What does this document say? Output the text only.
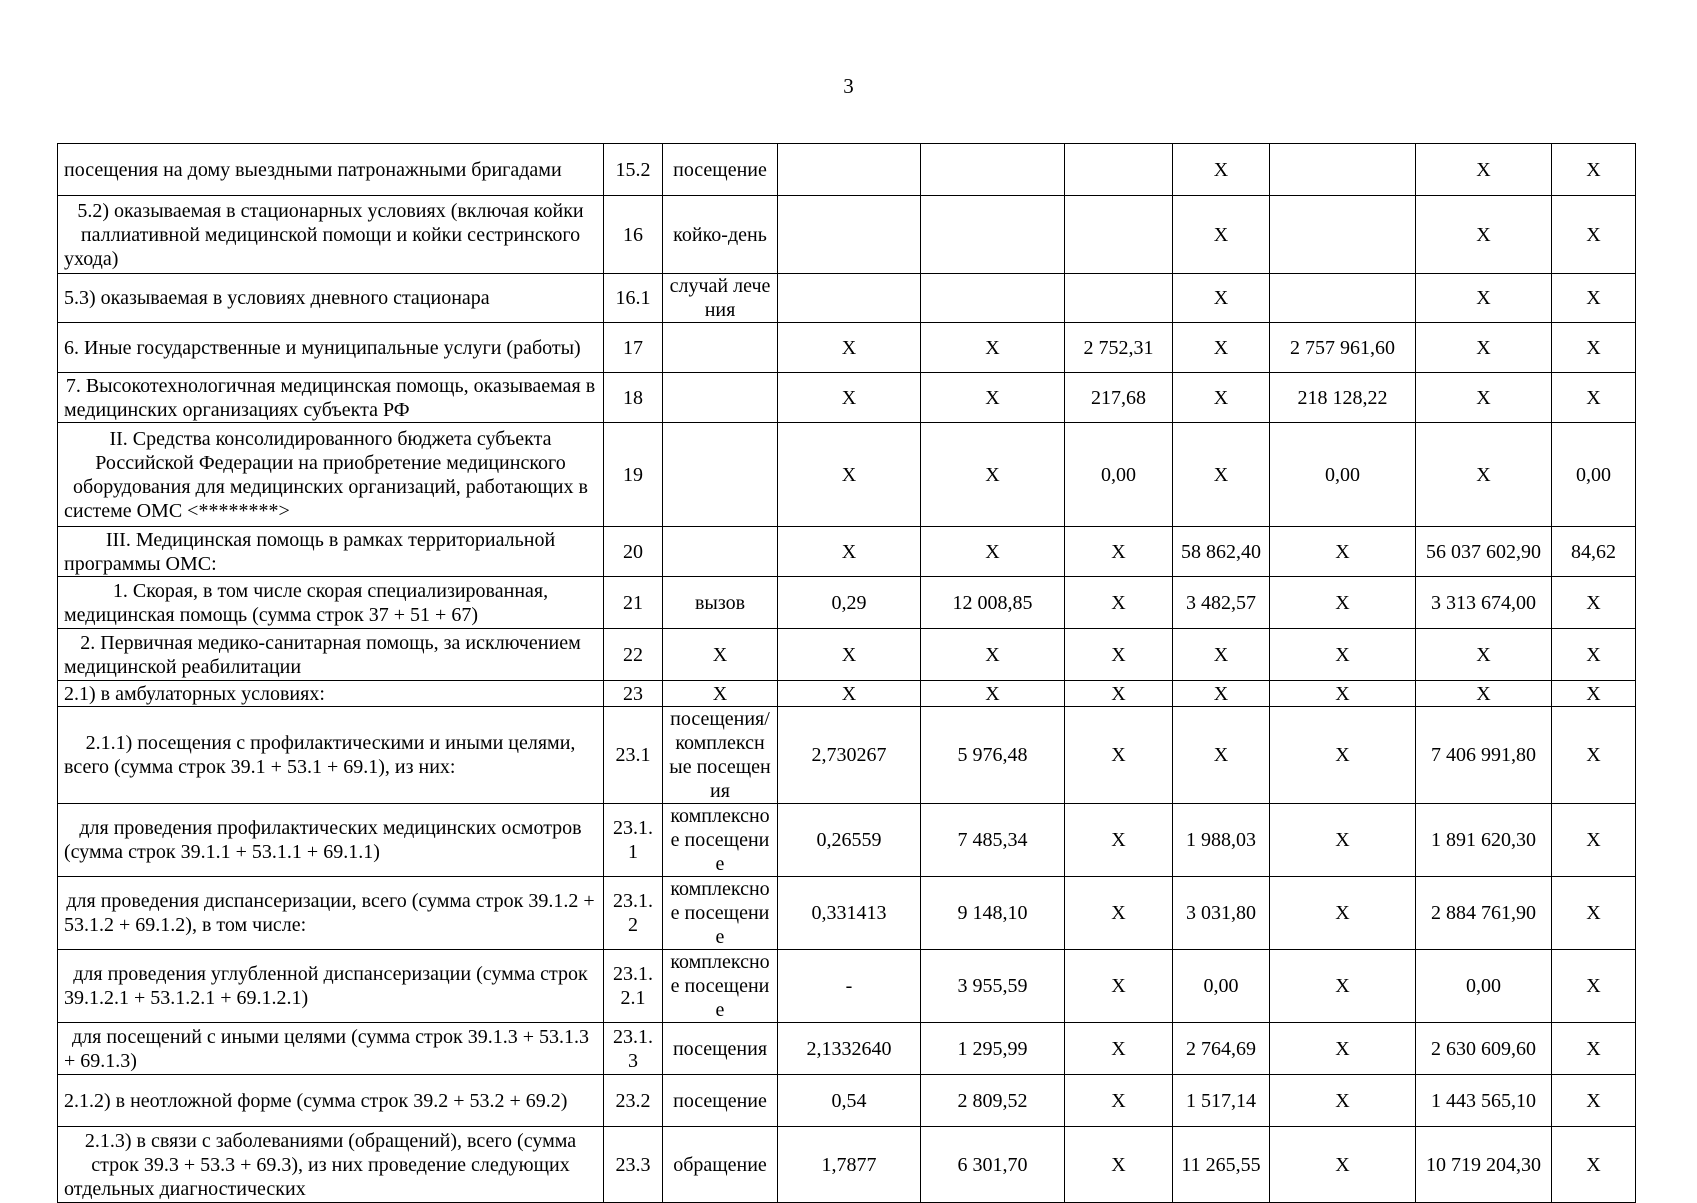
3
посещения на дому выездными патронажными бригадами	15.2	посещение				Х		Х	Х
5.2) оказываемая в стационарных условиях (включая койки паллиативной медицинской помощи и койки сестринского ухода)	16	койко-день				Х		Х	Х
5.3) оказываемая в условиях дневного стационара	16.1	случай лечения				Х		Х	Х
6. Иные государственные и муниципальные услуги (работы)	17		Х	Х	2 752,31	Х	2 757 961,60	Х	Х
7. Высокотехнологичная медицинская помощь, оказываемая в медицинских организациях субъекта РФ	18		Х	Х	217,68	Х	218 128,22	Х	Х
II. Средства консолидированного бюджета субъекта Российской Федерации на приобретение медицинского оборудования для медицинских организаций, работающих в системе ОМС <********>	19		Х	Х	0,00	Х	0,00	Х	0,00
III. Медицинская помощь в рамках территориальной программы ОМС:	20		Х	Х	Х	58 862,40	Х	56 037 602,90	84,62
1. Скорая, в том числе скорая специализированная, медицинская помощь (сумма строк 37 + 51 + 67)	21	вызов	0,29	12 008,85	Х	3 482,57	Х	3 313 674,00	Х
2. Первичная медико-санитарная помощь, за исключением медицинской реабилитации	22	Х	Х	Х	Х	Х	Х	Х	Х
2.1) в амбулаторных условиях:	23	Х	Х	Х	Х	Х	Х	Х	Х
2.1.1) посещения с профилактическими и иными целями, всего (сумма строк 39.1 + 53.1 + 69.1), из них:	23.1	посещения/комплексные посещения	2,730267	5 976,48	Х	Х	Х	7 406 991,80	Х
для проведения профилактических медицинских осмотров (сумма строк 39.1.1 + 53.1.1 + 69.1.1)	23.1.1	комплексное посещение	0,26559	7 485,34	Х	1 988,03	Х	1 891 620,30	Х
для проведения диспансеризации, всего (сумма строк 39.1.2 + 53.1.2 + 69.1.2), в том числе:	23.1.2	комплексное посещение	0,331413	9 148,10	Х	3 031,80	Х	2 884 761,90	Х
для проведения углубленной диспансеризации (сумма строк 39.1.2.1 + 53.1.2.1 + 69.1.2.1)	23.1.2.1	комплексное посещение	-	3 955,59	Х	0,00	Х	0,00	Х
для посещений с иными целями (сумма строк 39.1.3 + 53.1.3 + 69.1.3)	23.1.3	посещения	2,1332640	1 295,99	Х	2 764,69	Х	2 630 609,60	Х
2.1.2) в неотложной форме (сумма строк 39.2 + 53.2 + 69.2)	23.2	посещение	0,54	2 809,52	Х	1 517,14	Х	1 443 565,10	Х
2.1.3) в связи с заболеваниями (обращений), всего (сумма строк 39.3 + 53.3 + 69.3), из них проведение следующих отдельных диагностических	23.3	обращение	1,7877	6 301,70	Х	11 265,55	Х	10 719 204,30	Х
